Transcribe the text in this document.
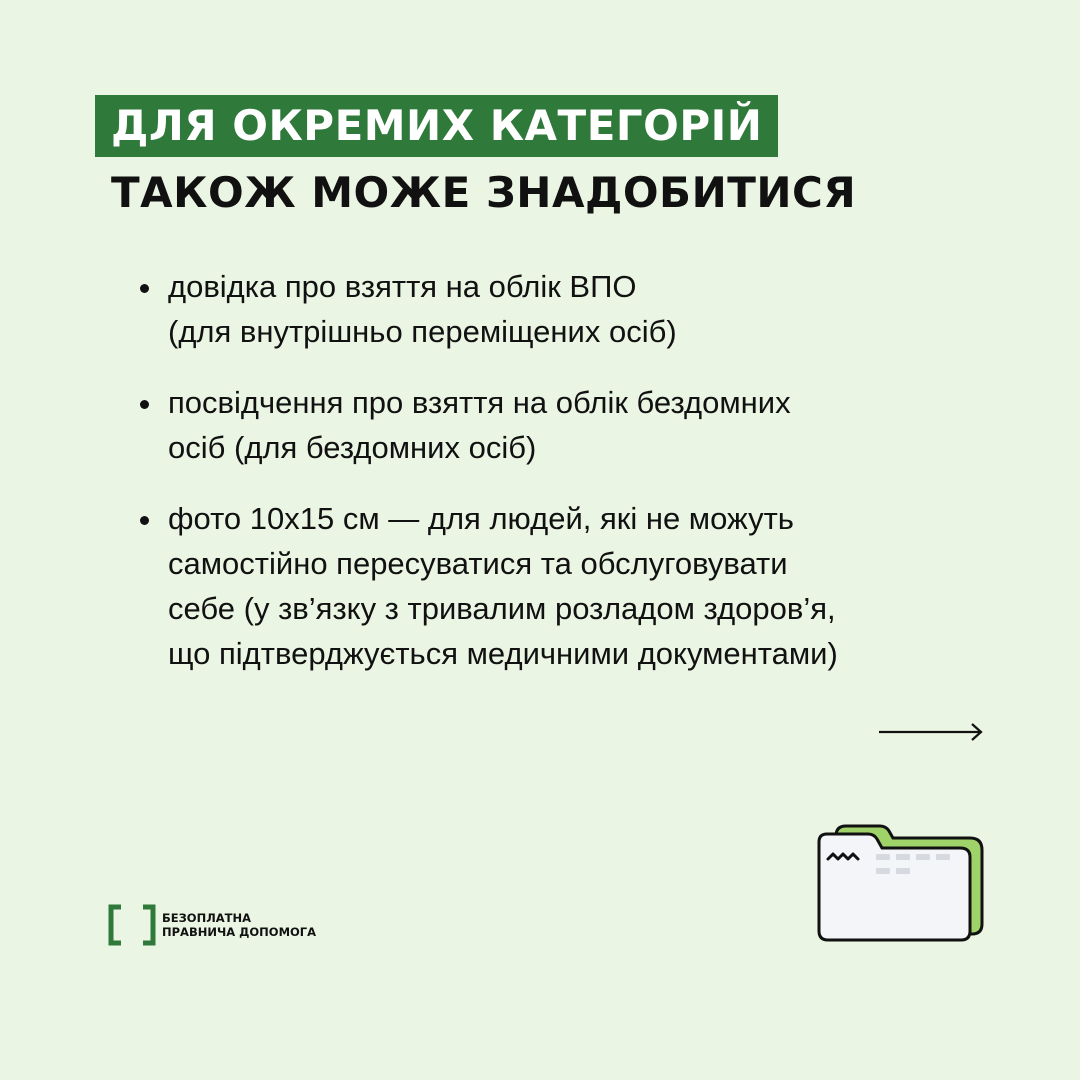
ДЛЯ ОКРЕМИХ КАТЕГОРІЙ
ТАКОЖ МОЖЕ ЗНАДОБИТИСЯ
довідка про взяття на облік ВПО
(для внутрішньо переміщених осіб)
посвідчення про взяття на облік бездомних
осіб (для бездомних осіб)
фото 10х15 см — для людей, які не можуть
самостійно пересуватися та обслуговувати
себе (у зв’язку з тривалим розладом здоров’я,
що підтверджується медичними документами)
БЕЗОПЛАТНА
ПРАВНИЧА ДОПОМОГА
